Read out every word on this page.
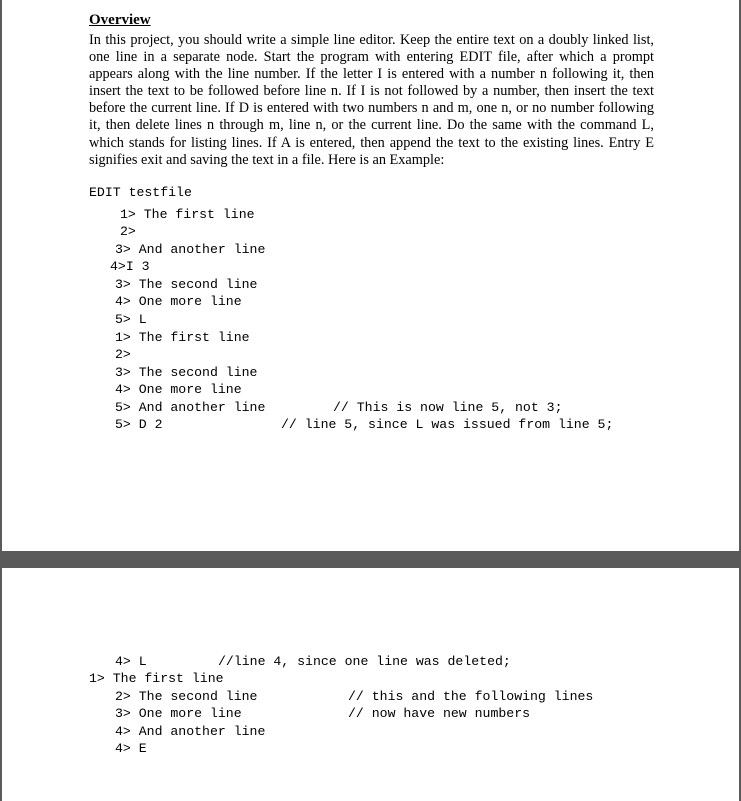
Overview

In this project, you should write a simple line editor. Keep the entire text on a doubly linked list, one line in a separate node. Start the program with entering EDIT file, after which a prompt appears along with the line number. If the letter I is entered with a number n following it, then insert the text to be followed before line n. If I is not followed by a number, then insert the text before the current line. If D is entered with two numbers n and m, one n, or no number following it, then delete lines n through m, line n, or the current line. Do the same with the command L, which stands for listing lines. If A is entered, then append the text to the existing lines. Entry E signifies exit and saving the text in a file. Here is an Example:

EDIT testfile
1> The first line
2>
3> And another line
4>I 3
3> The second line
4> One more line
5> L
1> The first line
2>
3> The second line
4> One more line
5> And another line	// This is now line 5, not 3;
5> D 2	// line 5, since L was issued from line 5;
4> L	//line 4, since one line was deleted;
1> The first line
2> The second line	// this and the following lines
3> One more line	// now have new numbers
4> And another line
4> E
